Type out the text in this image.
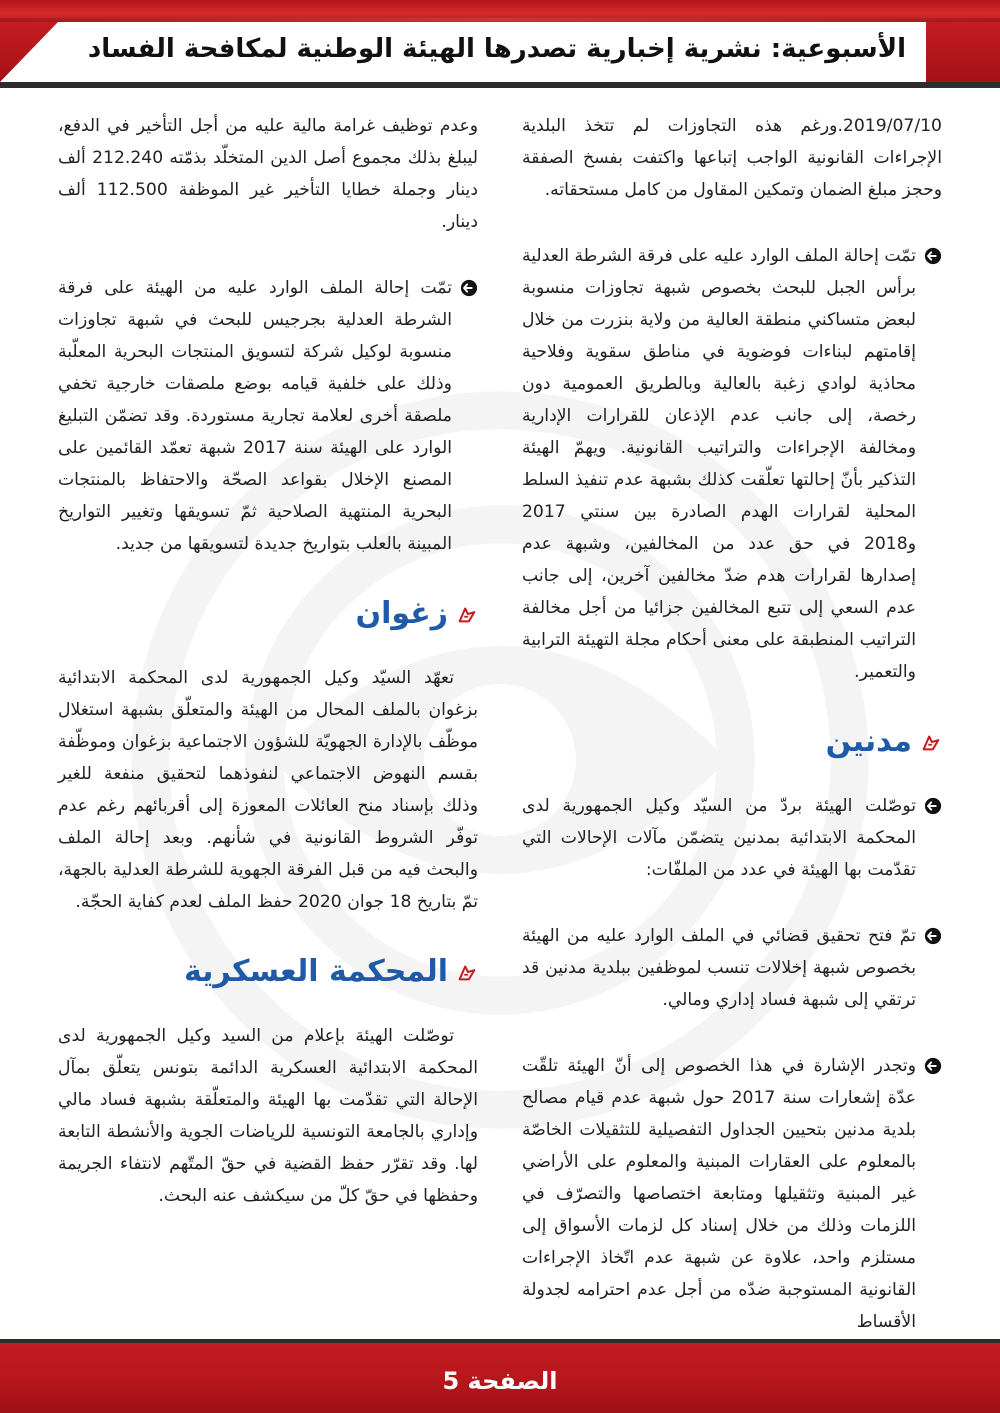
الأسبوعية: نشرية إخبارية تصدرها الهيئة الوطنية لمكافحة الفساد

2019/07/10.ورغم هذه التجاوزات لم تتخذ البلدية الإجراءات القانونية الواجب إتباعها واكتفت بفسخ الصفقة وحجز مبلغ الضمان وتمكين المقاول من كامل مستحقاته.

تمّت إحالة الملف الوارد عليه على فرقة الشرطة العدلية برأس الجبل للبحث بخصوص شبهة تجاوزات منسوبة لبعض متساكني منطقة العالية من ولاية بنزرت من خلال إقامتهم لبناءات فوضوية في مناطق سقوية وفلاحية محاذية لوادي زغبة بالعالية وبالطريق العمومية دون رخصة، إلى جانب عدم الإذعان للقرارات الإدارية ومخالفة الإجراءات والتراتيب القانونية. ويهمّ الهيئة التذكير بأنّ إحالتها تعلّقت كذلك بشبهة عدم تنفيذ السلط المحلية لقرارات الهدم الصادرة بين سنتي 2017 و2018 في حق عدد من المخالفين، وشبهة عدم إصدارها لقرارات هدم ضدّ مخالفين آخرين، إلى جانب عدم السعي إلى تتبع المخالفين جزائيا من أجل مخالفة التراتيب المنطبقة على معنى أحكام مجلة التهيئة الترابية والتعمير.
مدنين
توصّلت الهيئة بردّ من السيّد وكيل الجمهورية لدى المحكمة الابتدائية بمدنين يتضمّن مآلات الإحالات التي تقدّمت بها الهيئة في عدد من الملفّات:
تمّ فتح تحقيق قضائي في الملف الوارد عليه من الهيئة بخصوص شبهة إخلالات تنسب لموظفين ببلدية مدنين قد ترتقي إلى شبهة فساد إداري ومالي.
وتجدر الإشارة في هذا الخصوص إلى أنّ الهيئة تلقّت عدّة إشعارات سنة 2017 حول شبهة عدم قيام مصالح بلدية مدنين بتحيين الجداول التفصيلية للتثقيلات الخاصّة بالمعلوم على العقارات المبنية والمعلوم على الأراضي غير المبنية وتثقيلها ومتابعة اختصاصها والتصرّف في اللزمات وذلك من خلال إسناد كل لزمات الأسواق إلى مستلزم واحد، علاوة عن شبهة عدم اتّخاذ الإجراءات القانونية المستوجبة ضدّه من أجل عدم احترامه لجدولة الأقساط

وعدم توظيف غرامة مالية عليه من أجل التأخير في الدفع، ليبلغ بذلك مجموع أصل الدين المتخلّد بذمّته 212.240 ألف دينار وجملة خطايا التأخير غير الموظفة 112.500 ألف دينار.

تمّت إحالة الملف الوارد عليه من الهيئة على فرقة الشرطة العدلية بجرجيس للبحث في شبهة تجاوزات منسوبة لوكيل شركة لتسويق المنتجات البحرية المعلّبة وذلك على خلفية قيامه بوضع ملصقات خارجية تخفي ملصقة أخرى لعلامة تجارية مستوردة. وقد تضمّن التبليغ الوارد على الهيئة سنة 2017 شبهة تعمّد القائمين على المصنع الإخلال بقواعد الصحّة والاحتفاظ بالمنتجات البحرية المنتهية الصلاحية ثمّ تسويقها وتغيير التواريخ المبينة بالعلب بتواريخ جديدة لتسويقها من جديد.
زغوان

تعهّد السيّد وكيل الجمهورية لدى المحكمة الابتدائية بزغوان بالملف المحال من الهيئة والمتعلّق بشبهة استغلال موظّف بالإدارة الجهويّة للشؤون الاجتماعية بزغوان وموظّفة بقسم النهوض الاجتماعي لنفوذهما لتحقيق منفعة للغير وذلك بإسناد منح العائلات المعوزة إلى أقربائهم رغم عدم توفّر الشروط القانونية في شأنهم. وبعد إحالة الملف والبحث فيه من قبل الفرقة الجهوية للشرطة العدلية بالجهة، تمّ بتاريخ 18 جوان 2020 حفظ الملف لعدم كفاية الحجّة.

المحكمة العسكرية

توصّلت الهيئة بإعلام من السيد وكيل الجمهورية لدى المحكمة الابتدائية العسكرية الدائمة بتونس يتعلّق بمآل الإحالة التي تقدّمت بها الهيئة والمتعلّقة بشبهة فساد مالي وإداري بالجامعة التونسية للرياضات الجوية والأنشطة التابعة لها. وقد تقرّر حفظ القضية في حقّ المتّهم لانتفاء الجريمة وحفظها في حقّ كلّ من سيكشف عنه البحث.

الصفحة 5
